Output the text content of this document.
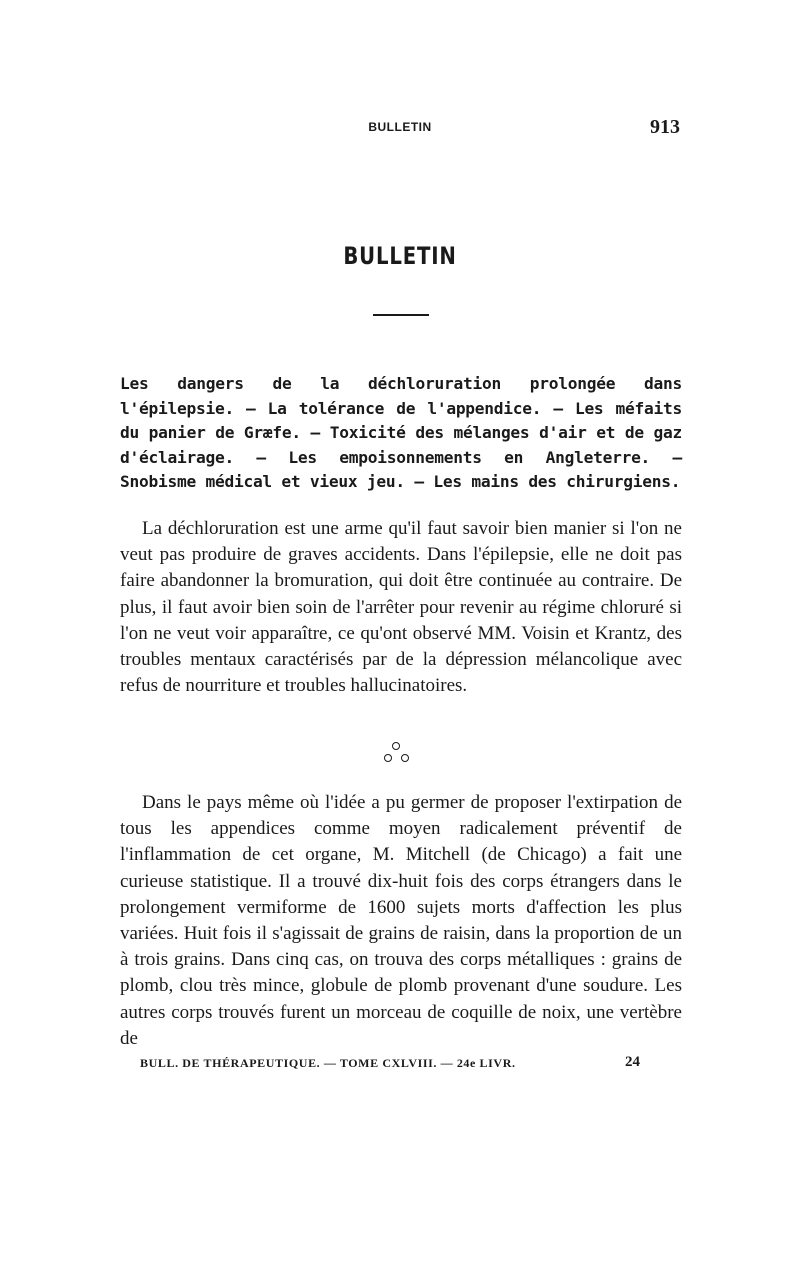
BULLETIN	913
BULLETIN
Les dangers de la déchloruration prolongée dans l'épilepsie. — La tolérance de l'appendice. — Les méfaits du panier de Græfe. — Toxicité des mélanges d'air et de gaz d'éclairage. — Les empoisonnements en Angleterre. — Snobisme médical et vieux jeu. — Les mains des chirurgiens.
La déchloruration est une arme qu'il faut savoir bien manier si l'on ne veut pas produire de graves accidents. Dans l'épilepsie, elle ne doit pas faire abandonner la bromuration, qui doit être continuée au contraire. De plus, il faut avoir bien soin de l'arrêter pour revenir au régime chloruré si l'on ne veut voir apparaître, ce qu'ont observé MM. Voisin et Krantz, des troubles mentaux caractérisés par de la dépression mélancolique avec refus de nourriture et troubles hallucinatoires.
Dans le pays même où l'idée a pu germer de proposer l'extirpation de tous les appendices comme moyen radicalement préventif de l'inflammation de cet organe, M. Mitchell (de Chicago) a fait une curieuse statistique. Il a trouvé dix-huit fois des corps étrangers dans le prolongement vermiforme de 1600 sujets morts d'affection les plus variées. Huit fois il s'agissait de grains de raisin, dans la proportion de un à trois grains. Dans cinq cas, on trouva des corps métalliques : grains de plomb, clou très mince, globule de plomb provenant d'une soudure. Les autres corps trouvés furent un morceau de coquille de noix, une vertèbre de
BULL. DE THÉRAPEUTIQUE. — TOME CXLVIII. — 24e LIVR.	24
